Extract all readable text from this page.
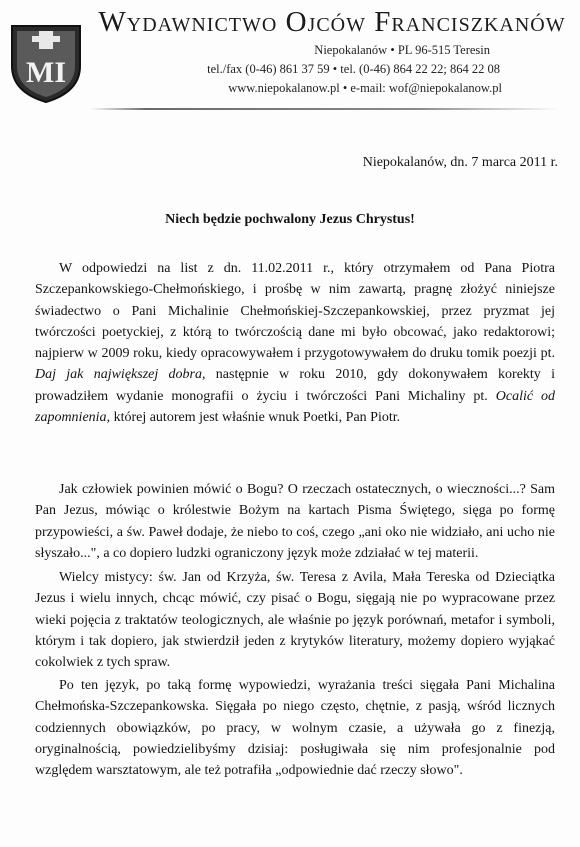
MI
Wydawnictwo Ojców Franciszkanów
Niepokalanów • PL 96-515 Teresin
tel./fax (0-46) 861 37 59 • tel. (0-46) 864 22 22; 864 22 08
www.niepokalanow.pl • e-mail: wof@niepokalanow.pl
Niepokalanów, dn. 7 marca 2011 r.
Niech będzie pochwalony Jezus Chrystus!

W odpowiedzi na list z dn. 11.02.2011 r., który otrzymałem od Pana Piotra Szczepankowskiego-Chełmońskiego, i prośbę w nim zawartą, pragnę złożyć niniejsze świadectwo o Pani Michalinie Chełmońskiej-Szczepankowskiej, przez pryzmat jej twórczości poetyckiej, z którą to twórczością dane mi było obcować, jako redaktorowi; najpierw w 2009 roku, kiedy opracowywałem i przygotowywałem do druku tomik poezji pt. Daj jak największej dobra, następnie w roku 2010, gdy dokonywałem korekty i prowadziłem wydanie monografii o życiu i twórczości Pani Michaliny pt. Ocalić od zapomnienia, której autorem jest właśnie wnuk Poetki, Pan Piotr.

Jak człowiek powinien mówić o Bogu? O rzeczach ostatecznych, o wieczności...? Sam Pan Jezus, mówiąc o królestwie Bożym na kartach Pisma Świętego, sięga po formę przypowieści, a św. Paweł dodaje, że niebo to coś, czego „ani oko nie widziało, ani ucho nie słyszało...", a co dopiero ludzki ograniczony język może zdziałać w tej materii.

Wielcy mistycy: św. Jan od Krzyża, św. Teresa z Avila, Mała Tereska od Dzieciątka Jezus i wielu innych, chcąc mówić, czy pisać o Bogu, sięgają nie po wypracowane przez wieki pojęcia z traktatów teologicznych, ale właśnie po język porównań, metafor i symboli, którym i tak dopiero, jak stwierdził jeden z krytyków literatury, możemy dopiero wyjąkać cokolwiek z tych spraw.

Po ten język, po taką formę wypowiedzi, wyrażania treści sięgała Pani Michalina Chełmońska-Szczepankowska. Sięgała po niego często, chętnie, z pasją, wśród licznych codziennych obowiązków, po pracy, w wolnym czasie, a używała go z finezją, oryginalnością, powiedzielibyśmy dzisiaj: posługiwała się nim profesjonalnie pod względem warsztatowym, ale też potrafiła „odpowiednie dać rzeczy słowo".
